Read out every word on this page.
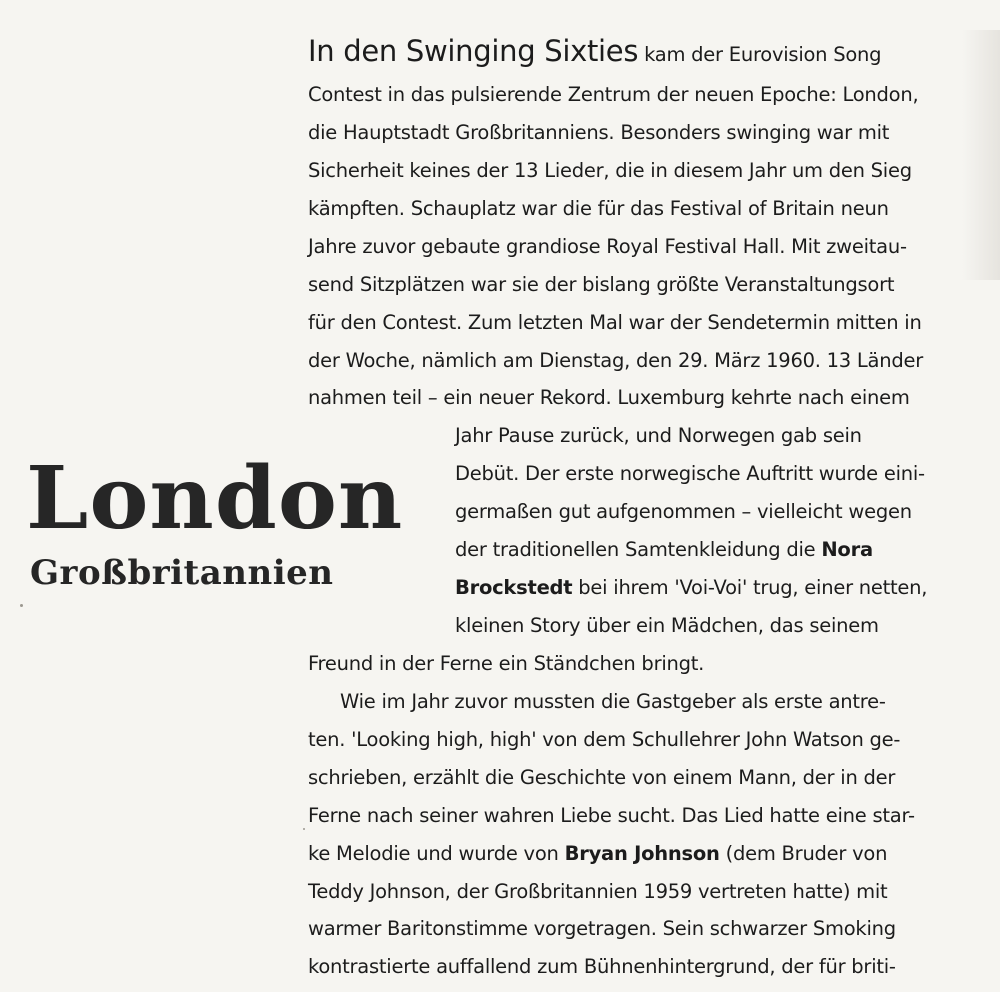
London
Großbritannien
In den Swinging Sixties kam der Eurovision Song
Contest in das pulsierende Zentrum der neuen Epoche: London,
die Hauptstadt Großbritanniens. Besonders swinging war mit
Sicherheit keines der 13 Lieder, die in diesem Jahr um den Sieg
kämpften. Schauplatz war die für das Festival of Britain neun
Jahre zuvor gebaute grandiose Royal Festival Hall. Mit zweitau-
send Sitzplätzen war sie der bislang größte Veranstaltungsort
für den Contest. Zum letzten Mal war der Sendetermin mitten in
der Woche, nämlich am Dienstag, den 29. März 1960. 13 Länder
nahmen teil – ein neuer Rekord. Luxemburg kehrte nach einem
Jahr Pause zurück, und Norwegen gab sein
Debüt. Der erste norwegische Auftritt wurde eini-
germaßen gut aufgenommen – vielleicht wegen
der traditionellen Samtenkleidung die Nora
Brockstedt bei ihrem 'Voi-Voi' trug, einer netten,
kleinen Story über ein Mädchen, das seinem
Freund in der Ferne ein Ständchen bringt.
Wie im Jahr zuvor mussten die Gastgeber als erste antre-
ten. 'Looking high, high' von dem Schullehrer John Watson ge-
schrieben, erzählt die Geschichte von einem Mann, der in der
Ferne nach seiner wahren Liebe sucht. Das Lied hatte eine star-
ke Melodie und wurde von Bryan Johnson (dem Bruder von
Teddy Johnson, der Großbritannien 1959 vertreten hatte) mit
warmer Baritonstimme vorgetragen. Sein schwarzer Smoking
kontrastierte auffallend zum Bühnenhintergrund, der für briti-
